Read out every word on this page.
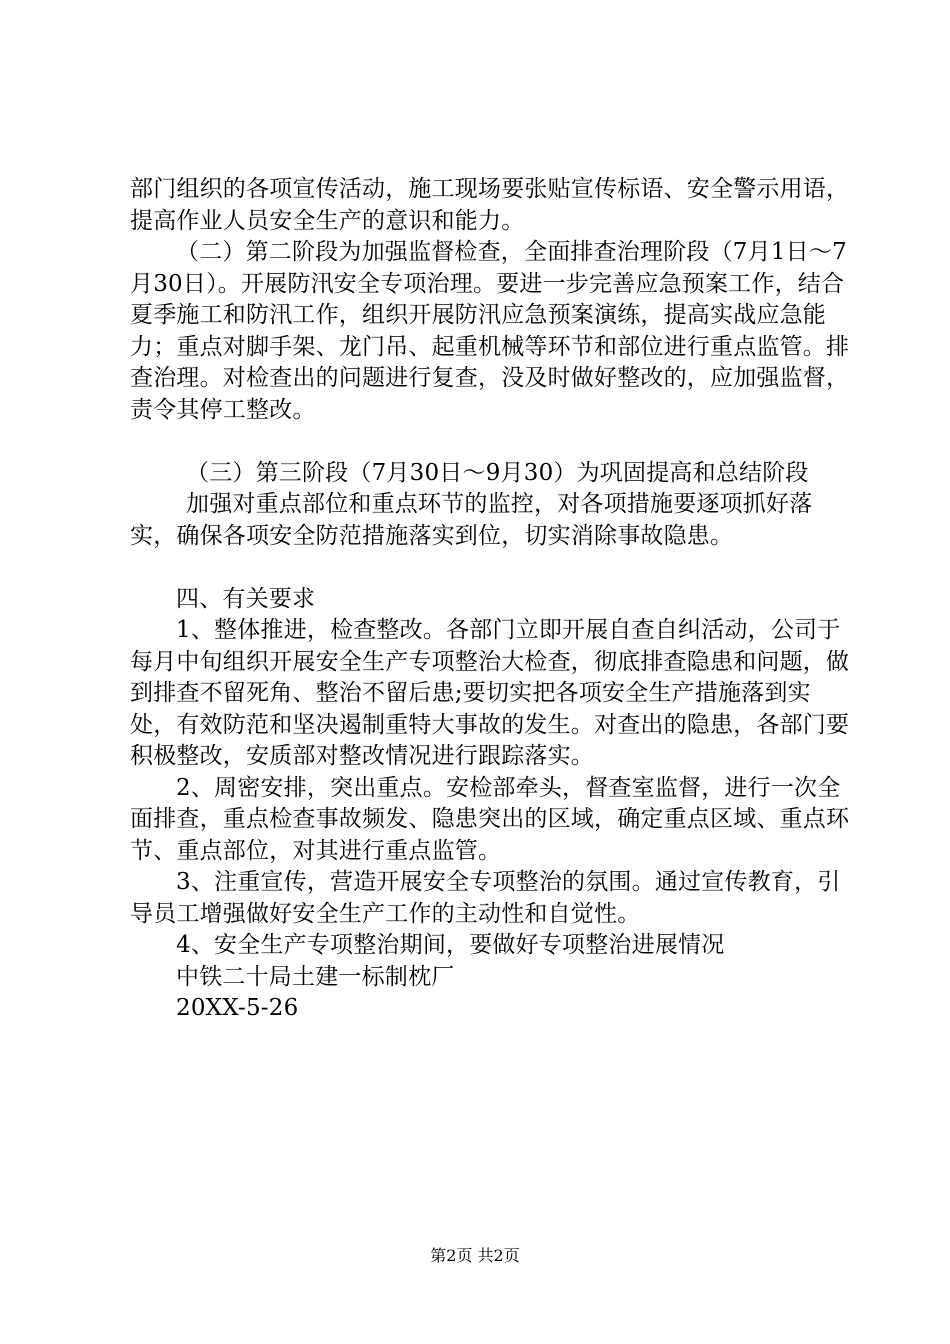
部门组织的各项宣传活动，施工现场要张贴宣传标语、安全警示用语，提高作业人员安全生产的意识和能力。

（二）第二阶段为加强监督检查，全面排查治理阶段（7月1日～7月30日）。开展防汛安全专项治理。要进一步完善应急预案工作，结合夏季施工和防汛工作，组织开展防汛应急预案演练，提高实战应急能力；重点对脚手架、龙门吊、起重机械等环节和部位进行重点监管。排查治理。对检查出的问题进行复查，没及时做好整改的，应加强监督，责令其停工整改。

（三）第三阶段（7月30日～9月30）为巩固提高和总结阶段

加强对重点部位和重点环节的监控，对各项措施要逐项抓好落实，确保各项安全防范措施落实到位，切实消除事故隐患。

四、有关要求

1、整体推进，检查整改。各部门立即开展自查自纠活动，公司于每月中旬组织开展安全生产专项整治大检查，彻底排查隐患和问题，做到排查不留死角、整治不留后患;要切实把各项安全生产措施落到实处，有效防范和坚决遏制重特大事故的发生。对查出的隐患，各部门要积极整改，安质部对整改情况进行跟踪落实。

2、周密安排，突出重点。安检部牵头，督查室监督，进行一次全面排查，重点检查事故频发、隐患突出的区域，确定重点区域、重点环节、重点部位，对其进行重点监管。

3、注重宣传，营造开展安全专项整治的氛围。通过宣传教育，引导员工增强做好安全生产工作的主动性和自觉性。

4、安全生产专项整治期间，要做好专项整治进展情况

中铁二十局土建一标制枕厂

20XX-5-26

第2页 共2页
